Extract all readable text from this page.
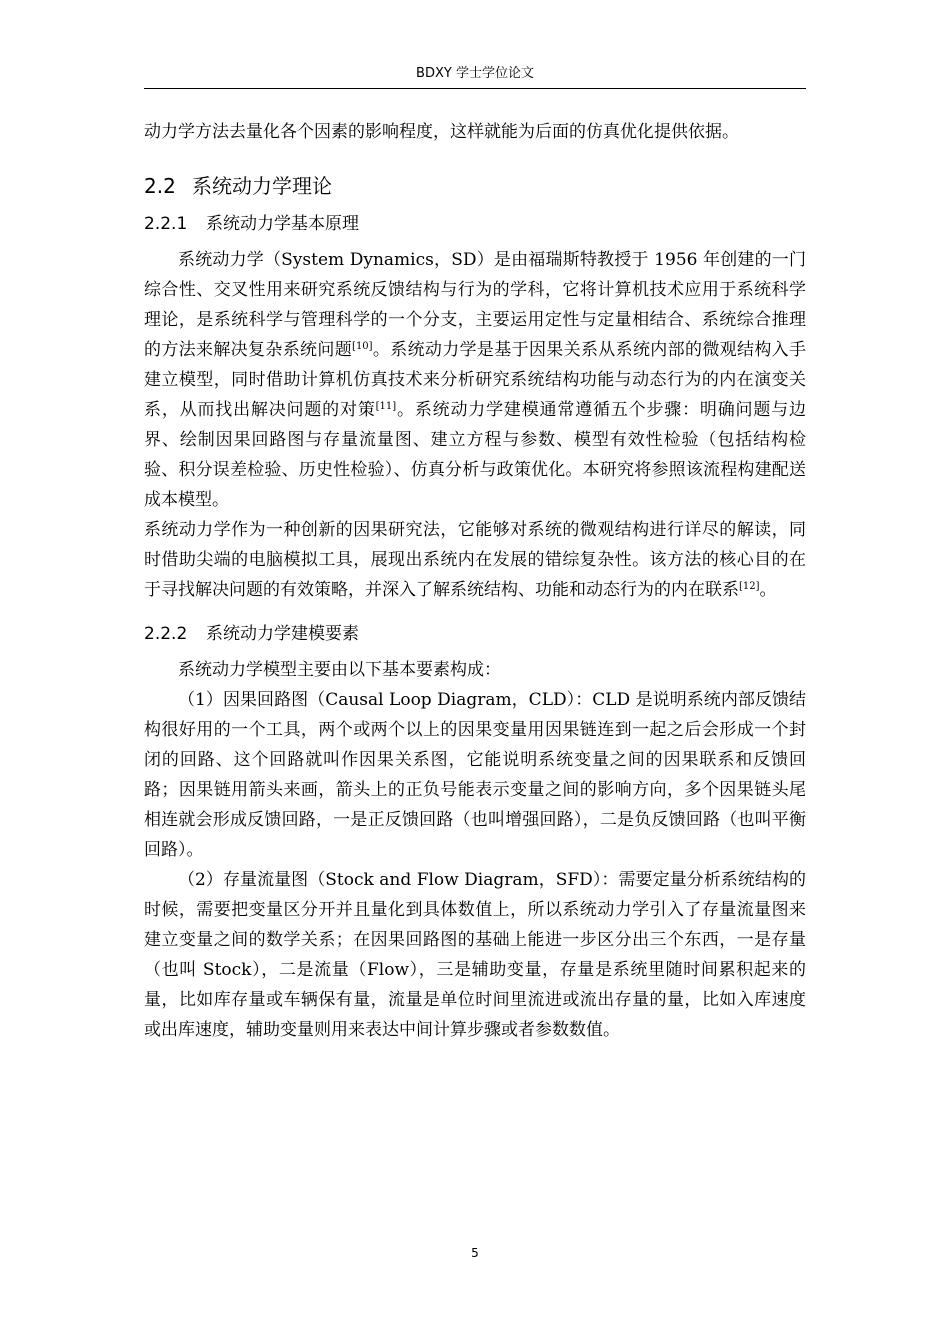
BDXY 学士学位论文

动力学方法去量化各个因素的影响程度，这样就能为后面的仿真优化提供依据。

2.2 系统动力学理论
2.2.1 系统动力学基本原理

系统动力学（System Dynamics，SD）是由福瑞斯特教授于 1956 年创建的一门综合性、交叉性用来研究系统反馈结构与行为的学科，它将计算机技术应用于系统科学理论，是系统科学与管理科学的一个分支，主要运用定性与定量相结合、系统综合推理的方法来解决复杂系统问题[10]。系统动力学是基于因果关系从系统内部的微观结构入手建立模型，同时借助计算机仿真技术来分析研究系统结构功能与动态行为的内在演变关系，从而找出解决问题的对策[11]。系统动力学建模通常遵循五个步骤：明确问题与边界、绘制因果回路图与存量流量图、建立方程与参数、模型有效性检验（包括结构检验、积分误差检验、历史性检验）、仿真分析与政策优化。本研究将参照该流程构建配送成本模型。

系统动力学作为一种创新的因果研究法，它能够对系统的微观结构进行详尽的解读，同时借助尖端的电脑模拟工具，展现出系统内在发展的错综复杂性。该方法的核心目的在于寻找解决问题的有效策略，并深入了解系统结构、功能和动态行为的内在联系[12]。

2.2.2 系统动力学建模要素

系统动力学模型主要由以下基本要素构成：

（1）因果回路图（Causal Loop Diagram，CLD）：CLD 是说明系统内部反馈结构很好用的一个工具，两个或两个以上的因果变量用因果链连到一起之后会形成一个封闭的回路、这个回路就叫作因果关系图，它能说明系统变量之间的因果联系和反馈回路；因果链用箭头来画，箭头上的正负号能表示变量之间的影响方向，多个因果链头尾相连就会形成反馈回路，一是正反馈回路（也叫增强回路），二是负反馈回路（也叫平衡回路）。

（2）存量流量图（Stock and Flow Diagram，SFD）：需要定量分析系统结构的时候，需要把变量区分开并且量化到具体数值上，所以系统动力学引入了存量流量图来建立变量之间的数学关系；在因果回路图的基础上能进一步区分出三个东西，一是存量（也叫 Stock），二是流量（Flow），三是辅助变量，存量是系统里随时间累积起来的量，比如库存量或车辆保有量，流量是单位时间里流进或流出存量的量，比如入库速度或出库速度，辅助变量则用来表达中间计算步骤或者参数数值。

5
